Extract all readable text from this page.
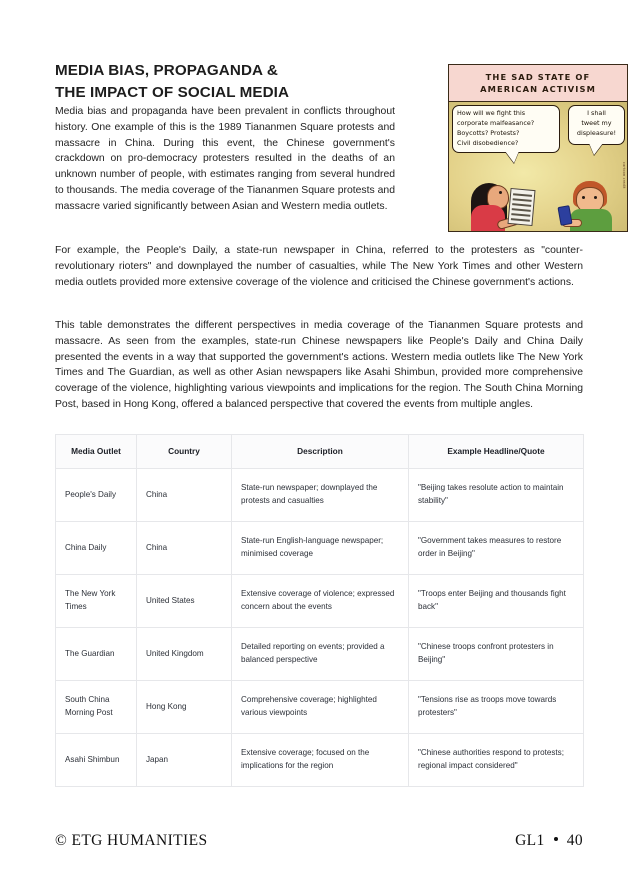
MEDIA BIAS, PROPAGANDA &
THE IMPACT OF SOCIAL MEDIA
THE SAD STATE OF
AMERICAN ACTIVISM
How will we fight this
corporate malfeasance?
Boycotts? Protests?
Civil disobedience?
I shall
tweet my
displeasure!
cartoon credit

Media bias and propaganda have been prevalent in conflicts throughout history. One example of this is the 1989 Tiananmen Square protests and massacre in China. During this event, the Chinese government's crackdown on pro-democracy protesters resulted in the deaths of an unknown number of people, with estimates ranging from several hundred to thousands. The media coverage of the Tiananmen Square protests and massacre varied significantly between Asian and Western media outlets.

For example, the People's Daily, a state-run newspaper in China, referred to the protesters as "counter-revolutionary rioters" and downplayed the number of casualties, while The New York Times and other Western media outlets provided more extensive coverage of the violence and criticised the Chinese government's actions.

This table demonstrates the different perspectives in media coverage of the Tiananmen Square protests and massacre. As seen from the examples, state-run Chinese newspapers like People's Daily and China Daily presented the events in a way that supported the government's actions. Western media outlets like The New York Times and The Guardian, as well as other Asian newspapers like Asahi Shimbun, provided more comprehensive coverage of the violence, highlighting various viewpoints and implications for the region. The South China Morning Post, based in Hong Kong, offered a balanced perspective that covered the events from multiple angles.

Media Outlet	Country	Description	Example Headline/Quote
People's Daily	China	State-run newspaper; downplayed the protests and casualties	"Beijing takes resolute action to maintain stability"
China Daily	China	State-run English-language newspaper; minimised coverage	"Government takes measures to restore order in Beijing"
The New York Times	United States	Extensive coverage of violence; expressed concern about the events	"Troops enter Beijing and thousands fight back"
The Guardian	United Kingdom	Detailed reporting on events; provided a balanced perspective	"Chinese troops confront protesters in Beijing"
South China Morning Post	Hong Kong	Comprehensive coverage; highlighted various viewpoints	"Tensions rise as troops move towards protesters"
Asahi Shimbun	Japan	Extensive coverage; focused on the implications for the region	"Chinese authorities respond to protests; regional impact considered"
© ETG HUMANITIES	GL1 40
